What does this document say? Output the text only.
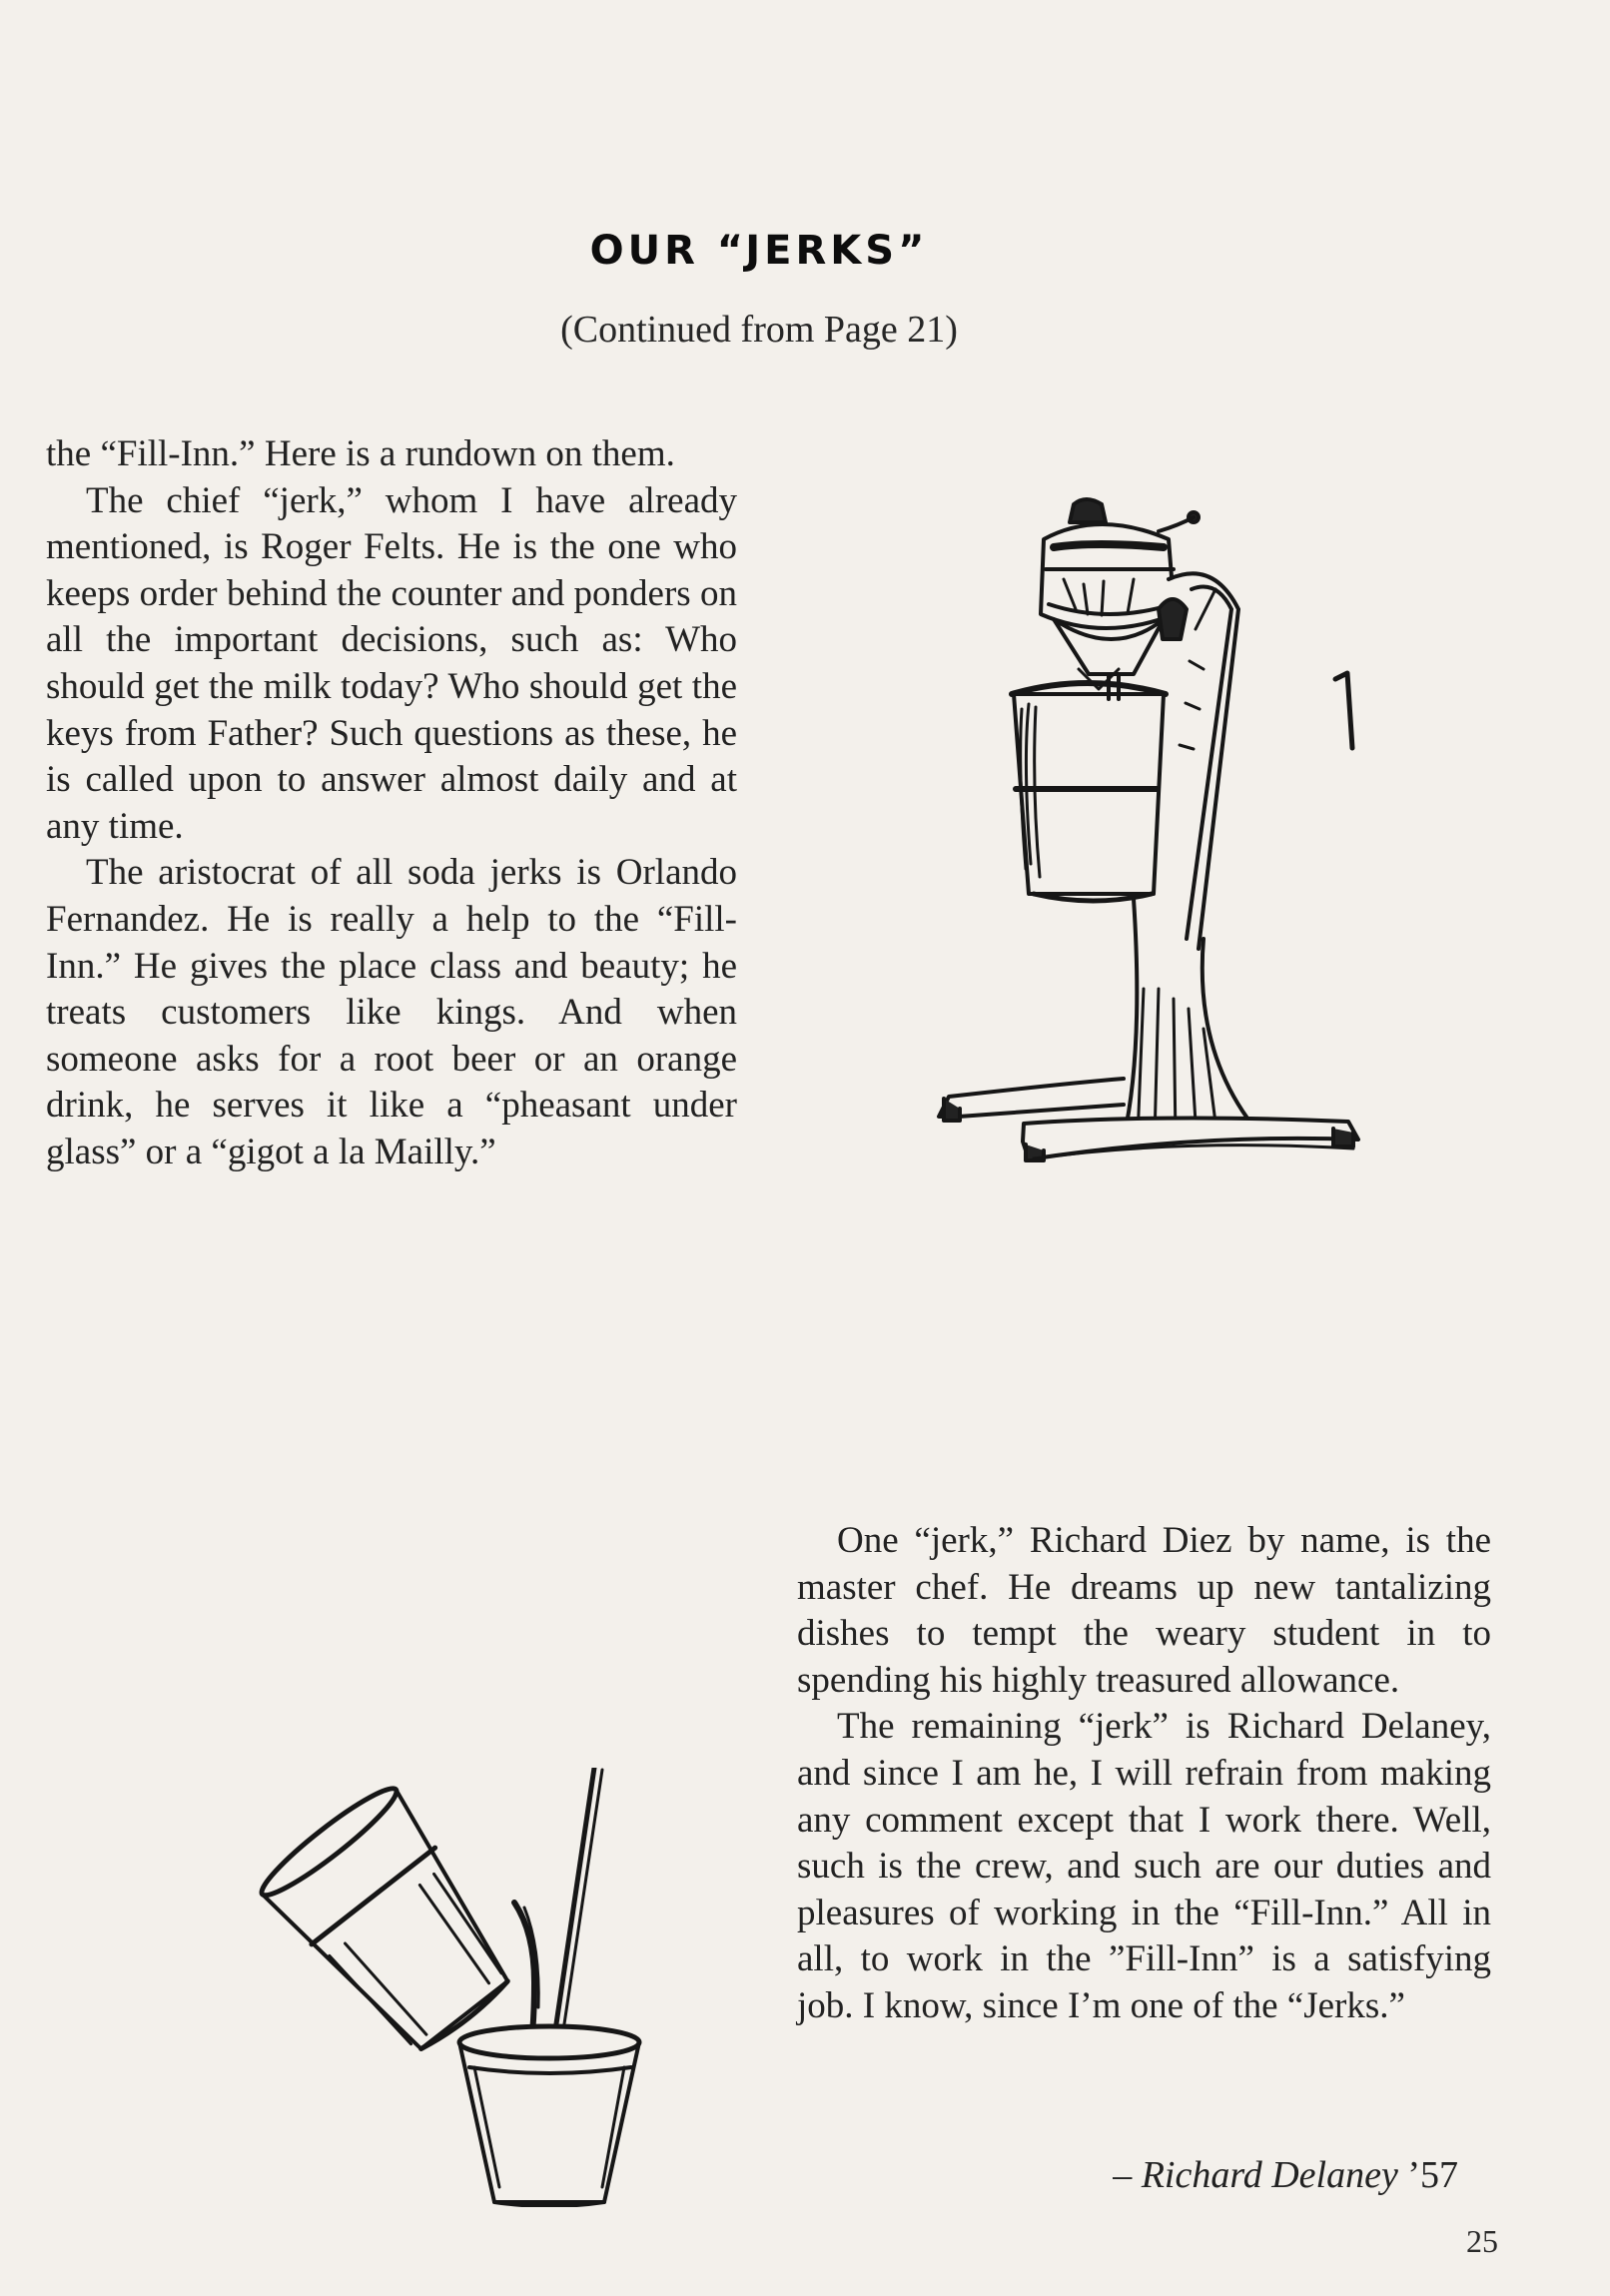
OUR “JERKS”
(Continued from Page 21)

the “Fill-Inn.” Here is a rundown on them.

The chief “jerk,” whom I have already mentioned, is Roger Felts. He is the one who keeps order behind the counter and ponders on all the important decisions, such as: Who should get the milk today? Who should get the keys from Father? Such questions as these, he is called upon to answer almost daily and at any time.

The aristocrat of all soda jerks is Orlando Fernandez. He is really a help to the “Fill-Inn.” He gives the place class and beauty; he treats customers like kings. And when someone asks for a root beer or an orange drink, he serves it like a “pheasant under glass” or a “gigot a la Mailly.”

One “jerk,” Richard Diez by name, is the master chef. He dreams up new tantalizing dishes to tempt the weary student in to spending his highly treasured allowance.

The remaining “jerk” is Richard Delaney, and since I am he, I will refrain from making any comment except that I work there. Well, such is the crew, and such are our duties and pleasures of working in the “Fill-Inn.” All in all, to work in the ”Fill-Inn” is a satisfying job. I know, since I’m one of the “Jerks.”

– Richard Delaney ’57
25
